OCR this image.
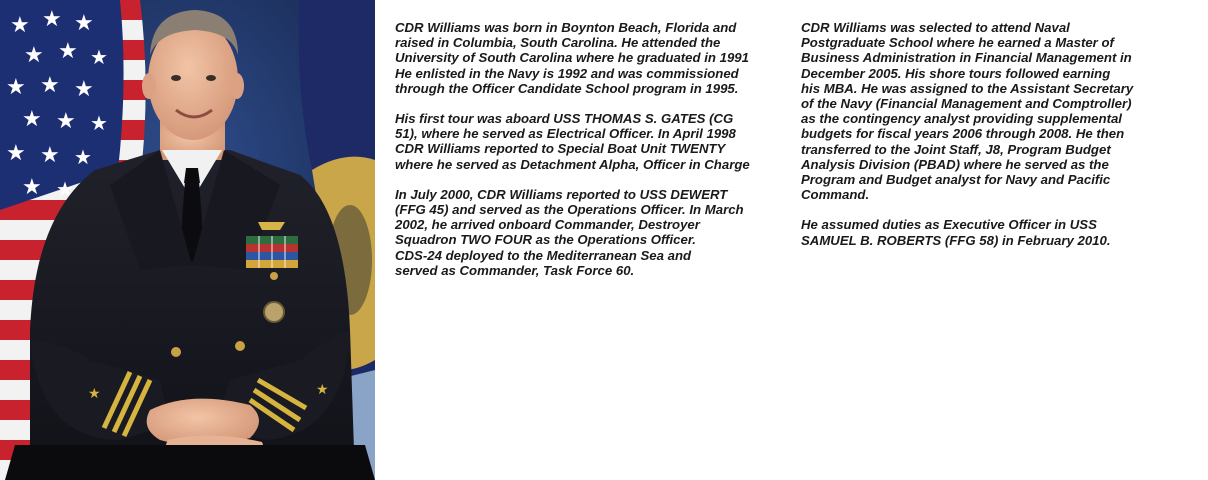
★ ★ ★
★ ★ ★
★ ★ ★
★ ★ ★
★ ★ ★
★ ★
★	★

CDR Williams was born in Boynton Beach, Florida and
raised in Columbia, South Carolina. He attended the
University of South Carolina where he graduated in 1991
He enlisted in the Navy is 1992 and was commissioned
through the Officer Candidate School program in 1995.

His first tour was aboard USS THOMAS S. GATES (CG
51), where he served as Electrical Officer. In April 1998
CDR Williams reported to Special Boat Unit TWENTY
where he served as Detachment Alpha, Officer in Charge

In July 2000, CDR Williams reported to USS DEWERT
(FFG 45) and served as the Operations Officer. In March
2002, he arrived onboard Commander, Destroyer
Squadron TWO FOUR as the Operations Officer.
CDS-24 deployed to the Mediterranean Sea and
served as Commander, Task Force 60.

CDR Williams was selected to attend Naval
Postgraduate School where he earned a Master of
Business Administration in Financial Management in
December 2005. His shore tours followed earning
his MBA. He was assigned to the Assistant Secretary
of the Navy (Financial Management and Comptroller)
as the contingency analyst providing supplemental
budgets for fiscal years 2006 through 2008. He then
transferred to the Joint Staff, J8, Program Budget
Analysis Division (PBAD) where he served as the
Program and Budget analyst for Navy and Pacific
Command.

He assumed duties as Executive Officer in USS
SAMUEL B. ROBERTS (FFG 58) in February 2010.
